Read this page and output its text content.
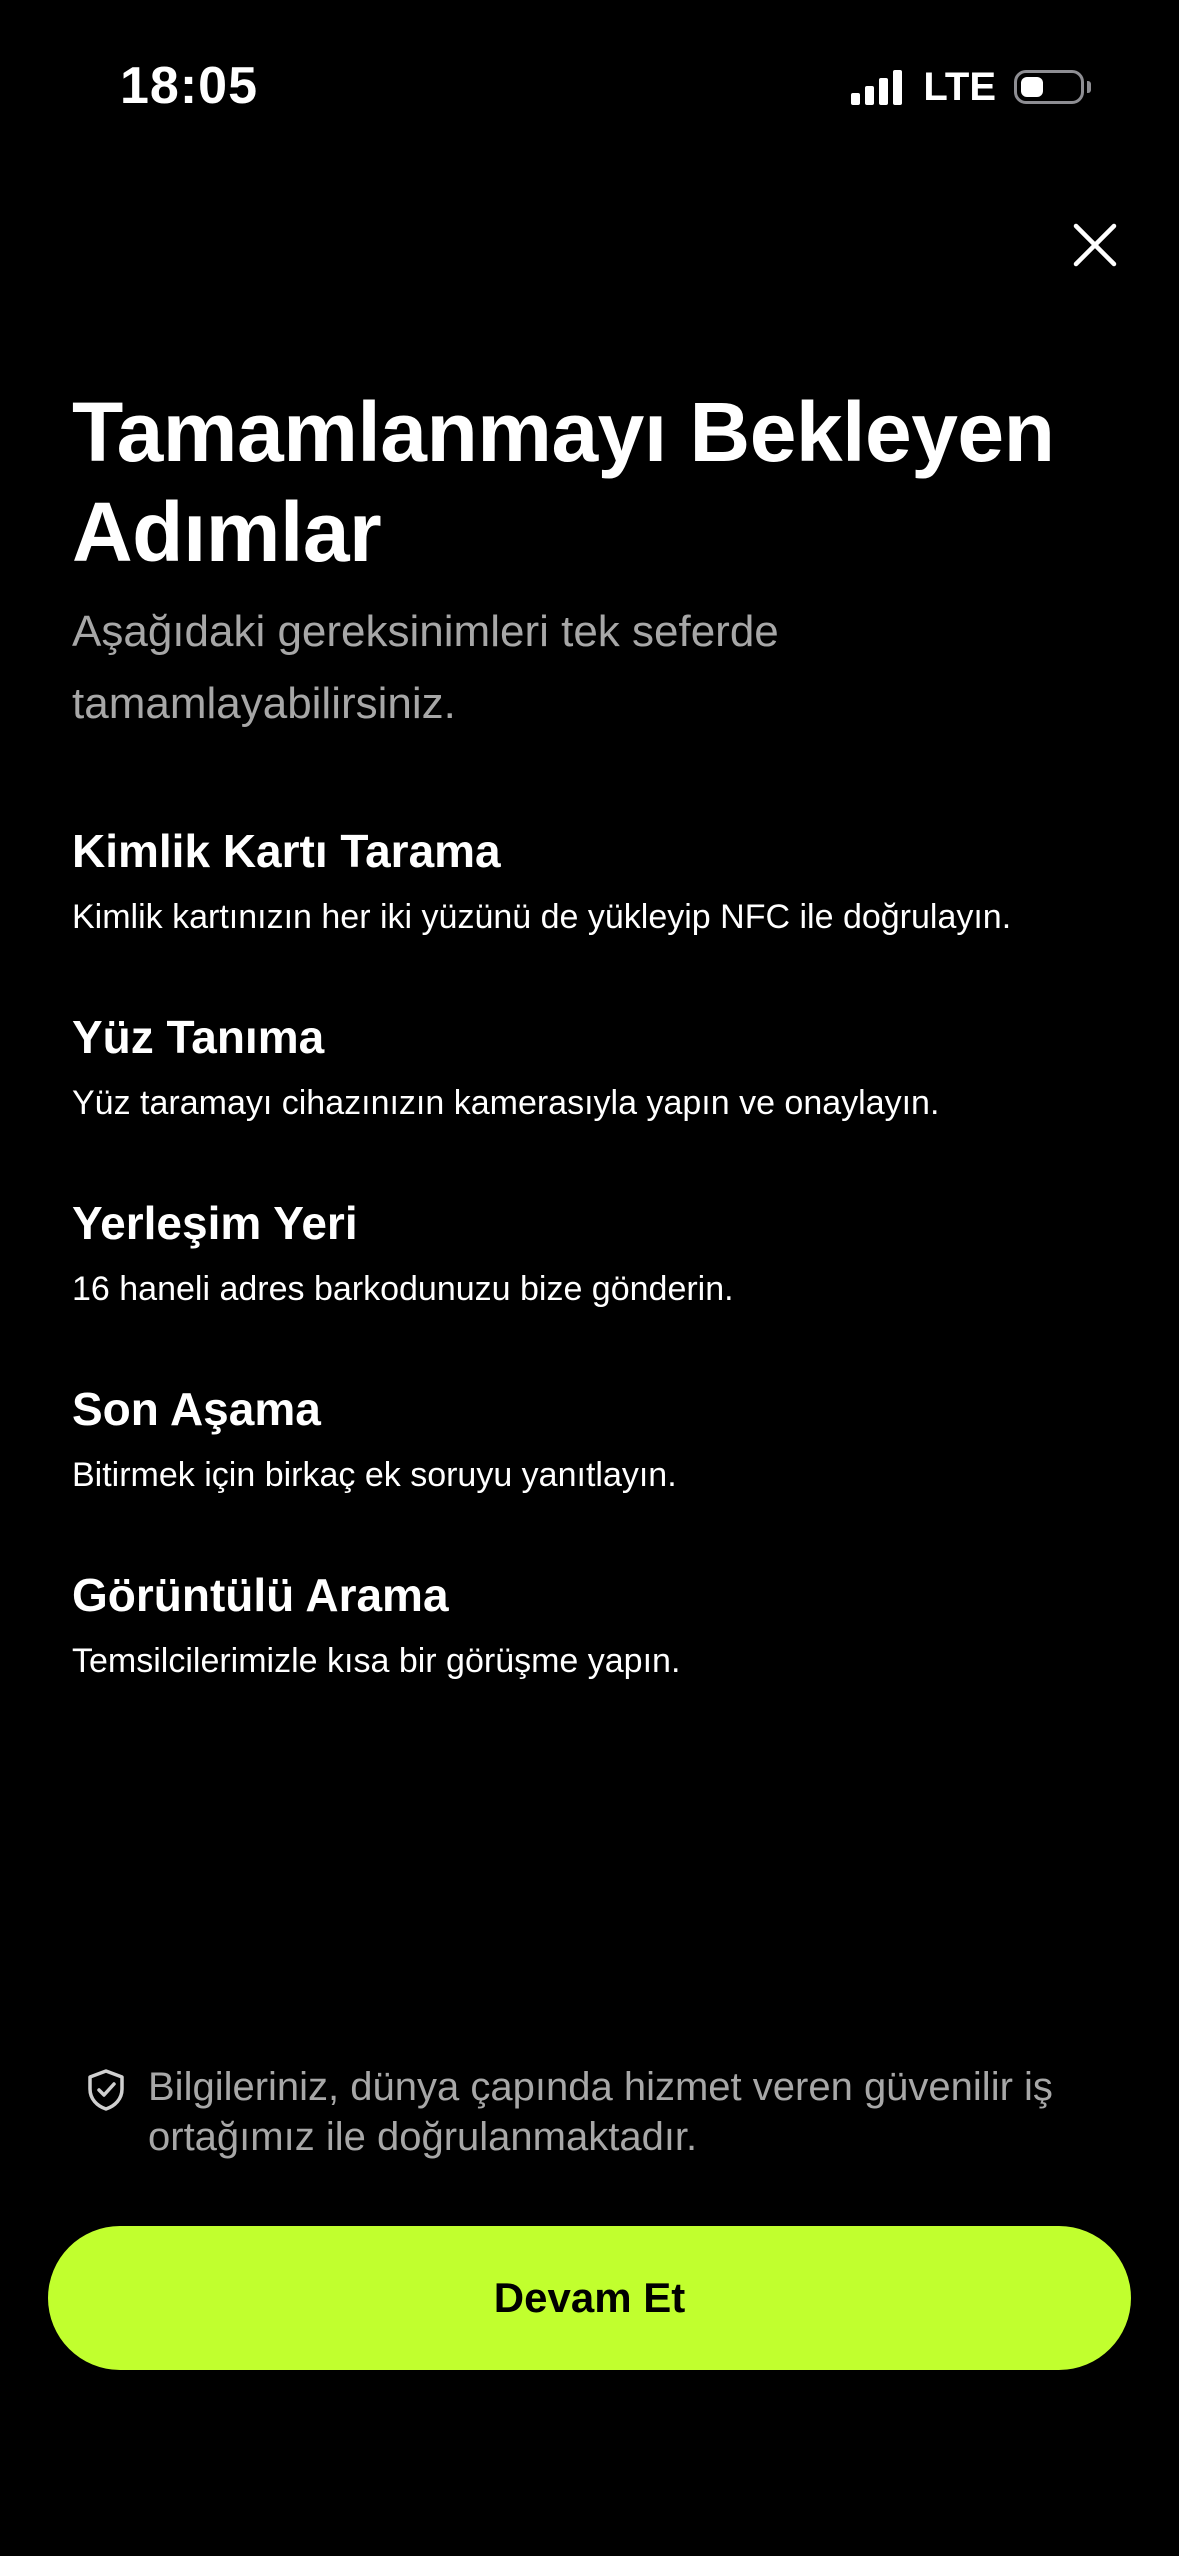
18:05	LTE
Tamamlanmayı Bekleyen Adımlar

Aşağıdaki gereksinimleri tek seferde tamamlayabilirsiniz.

Kimlik Kartı Tarama
Kimlik kartınızın her iki yüzünü de yükleyip NFC ile doğrulayın.
Yüz Tanıma
Yüz taramayı cihazınızın kamerasıyla yapın ve onaylayın.
Yerleşim Yeri
16 haneli adres barkodunuzu bize gönderin.
Son Aşama
Bitirmek için birkaç ek soruyu yanıtlayın.
Görüntülü Arama
Temsilcilerimizle kısa bir görüşme yapın.
Bilgileriniz, dünya çapında hizmet veren güvenilir iş ortağımız ile doğrulanmaktadır.
Devam Et
